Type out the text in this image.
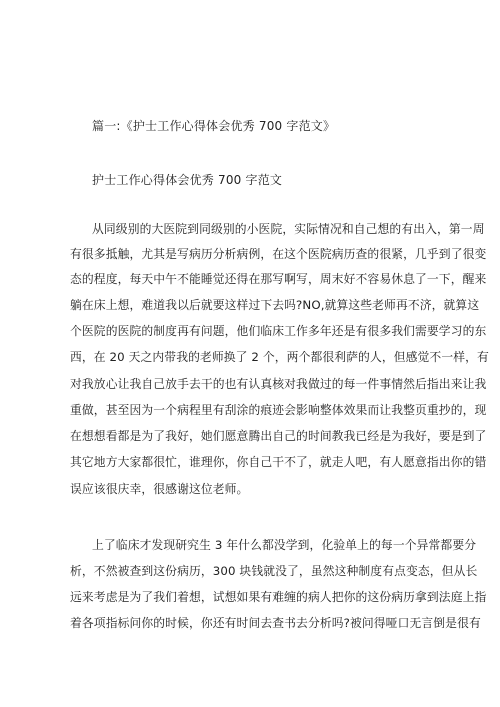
篇一:《护士工作心得体会优秀 700 字范文》
护士工作心得体会优秀 700 字范文
从同级别的大医院到同级别的小医院，实际情况和自己想的有出入，第一周
有很多抵触，尤其是写病历分析病例，在这个医院病历查的很紧，几乎到了很变
态的程度，每天中午不能睡觉还得在那写啊写，周末好不容易休息了一下，醒来
躺在床上想，难道我以后就要这样过下去吗?NO,就算这些老师再不济，就算这
个医院的医院的制度再有问题，他们临床工作多年还是有很多我们需要学习的东
西，在 20 天之内带我的老师换了 2 个，两个都很利萨的人，但感觉不一样，有
对我放心让我自己放手去干的也有认真核对我做过的每一件事情然后指出来让我
重做，甚至因为一个病程里有刮涂的痕迹会影响整体效果而让我整页重抄的，现
在想想看都是为了我好，她们愿意腾出自己的时间教我已经是为我好，要是到了
其它地方大家都很忙，谁理你，你自己干不了，就走人吧，有人愿意指出你的错
误应该很庆幸，很感谢这位老师。
上了临床才发现研究生 3 年什么都没学到，化验单上的每一个异常都要分
析，不然被查到这份病历，300 块钱就没了，虽然这种制度有点变态，但从长
远来考虑是为了我们着想，试想如果有难缠的病人把你的这份病历拿到法庭上指
着各项指标问你的时候，你还有时间去查书去分析吗?被问得哑口无言倒是很有
